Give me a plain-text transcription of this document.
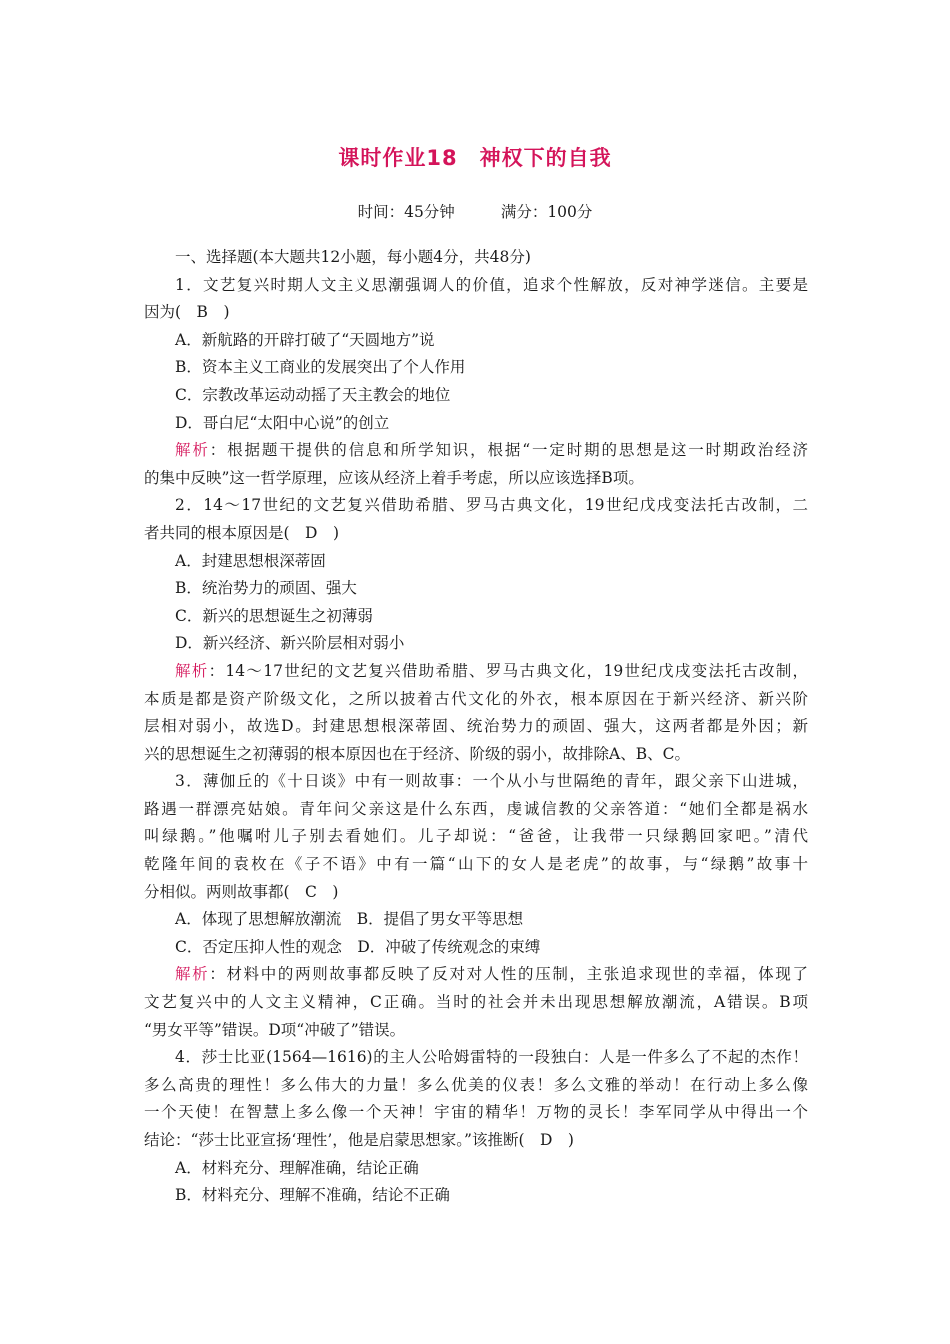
课时作业18　神权下的自我
时间：45分钟	满分：100分
一、选择题(本大题共12小题，每小题4分，共48分)
1．文艺复兴时期人文主义思潮强调人的价值，追求个性解放，反对神学迷信。主要是
因为(　B　)
A．新航路的开辟打破了“天圆地方”说
B．资本主义工商业的发展突出了个人作用
C．宗教改革运动动摇了天主教会的地位
D．哥白尼“太阳中心说”的创立
解析：根据题干提供的信息和所学知识，根据“一定时期的思想是这一时期政治经济
的集中反映”这一哲学原理，应该从经济上着手考虑，所以应该选择B项。
2．14～17世纪的文艺复兴借助希腊、罗马古典文化，19世纪戊戌变法托古改制，二
者共同的根本原因是(　D　)
A．封建思想根深蒂固
B．统治势力的顽固、强大
C．新兴的思想诞生之初薄弱
D．新兴经济、新兴阶层相对弱小
解析：14～17世纪的文艺复兴借助希腊、罗马古典文化，19世纪戊戌变法托古改制，
本质是都是资产阶级文化，之所以披着古代文化的外衣，根本原因在于新兴经济、新兴阶
层相对弱小，故选D。封建思想根深蒂固、统治势力的顽固、强大，这两者都是外因；新
兴的思想诞生之初薄弱的根本原因也在于经济、阶级的弱小，故排除A、B、C。
3．薄伽丘的《十日谈》中有一则故事：一个从小与世隔绝的青年，跟父亲下山进城，
路遇一群漂亮姑娘。青年问父亲这是什么东西，虔诚信教的父亲答道：“她们全都是祸水
叫绿鹅。”他嘱咐儿子别去看她们。儿子却说：“爸爸，让我带一只绿鹅回家吧。”清代
乾隆年间的袁枚在《子不语》中有一篇“山下的女人是老虎”的故事，与“绿鹅”故事十
分相似。两则故事都(　C　)
A．体现了思想解放潮流　B．提倡了男女平等思想
C．否定压抑人性的观念　D．冲破了传统观念的束缚
解析：材料中的两则故事都反映了反对对人性的压制，主张追求现世的幸福，体现了
文艺复兴中的人文主义精神，C正确。当时的社会并未出现思想解放潮流，A错误。B项
“男女平等”错误。D项“冲破了”错误。
4．莎士比亚(1564—1616)的主人公哈姆雷特的一段独白：人是一件多么了不起的杰作！
多么高贵的理性！多么伟大的力量！多么优美的仪表！多么文雅的举动！在行动上多么像
一个天使！在智慧上多么像一个天神！宇宙的精华！万物的灵长！李军同学从中得出一个
结论：“莎士比亚宣扬‘理性’，他是启蒙思想家。”该推断(　D　)
A．材料充分、理解准确，结论正确
B．材料充分、理解不准确，结论不正确
